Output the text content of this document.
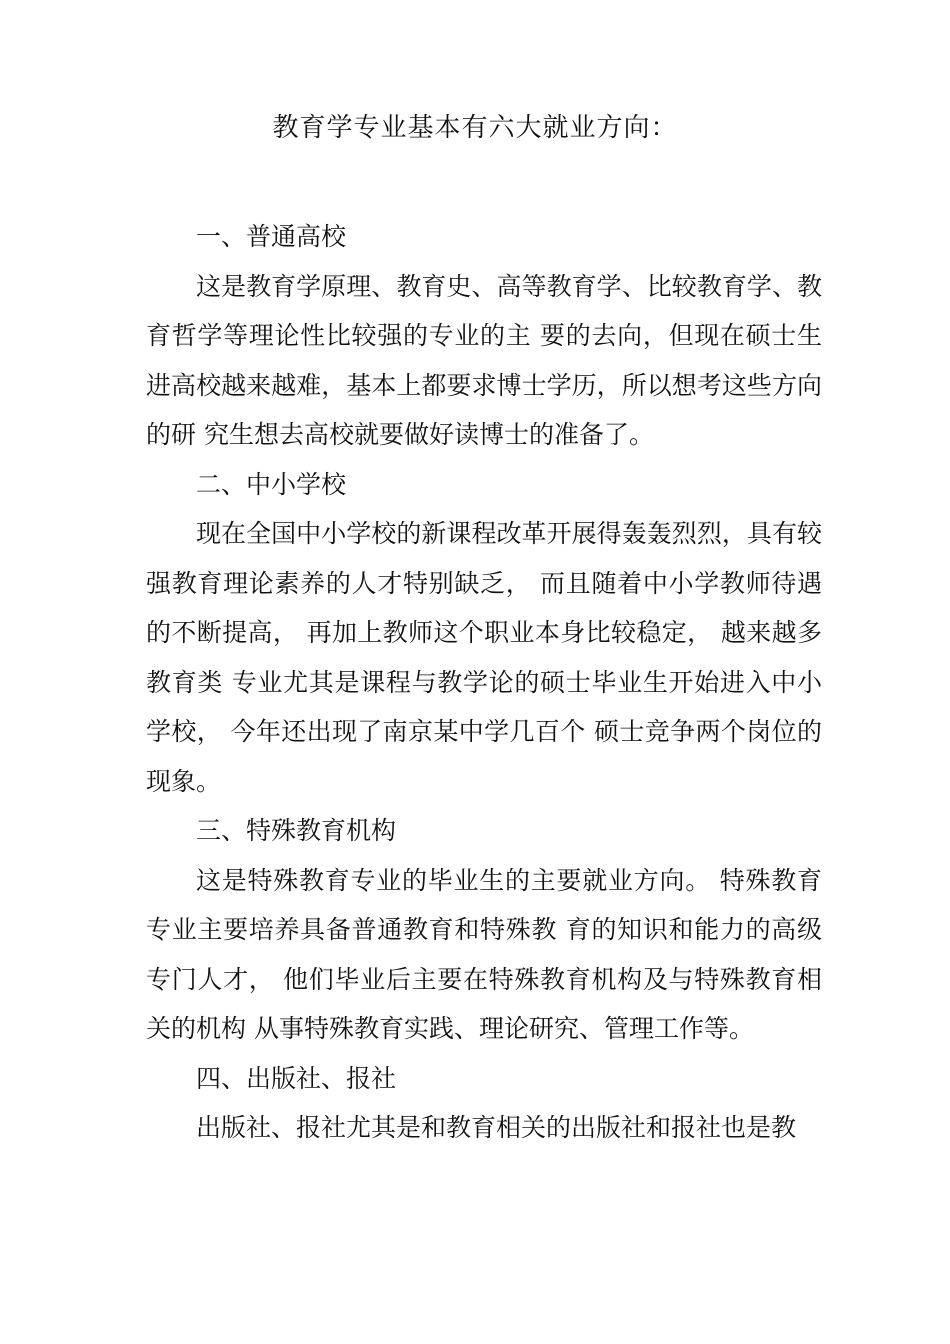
教育学专业基本有六大就业方向：

一、普通高校

这是教育学原理、教育史、高等教育学、比较教育学、教育哲学等理论性比较强的专业的主 要的去向，但现在硕士生进高校越来越难，基本上都要求博士学历，所以想考这些方向的研 究生想去高校就要做好读博士的准备了。

二、中小学校

现在全国中小学校的新课程改革开展得轰轰烈烈，具有较强教育理论素养的人才特别缺乏， 而且随着中小学教师待遇的不断提高， 再加上教师这个职业本身比较稳定， 越来越多教育类 专业尤其是课程与教学论的硕士毕业生开始进入中小学校， 今年还出现了南京某中学几百个 硕士竞争两个岗位的现象。

三、特殊教育机构

这是特殊教育专业的毕业生的主要就业方向。 特殊教育专业主要培养具备普通教育和特殊教 育的知识和能力的高级专门人才， 他们毕业后主要在特殊教育机构及与特殊教育相关的机构 从事特殊教育实践、理论研究、管理工作等。

四、出版社、报社

出版社、报社尤其是和教育相关的出版社和报社也是教
